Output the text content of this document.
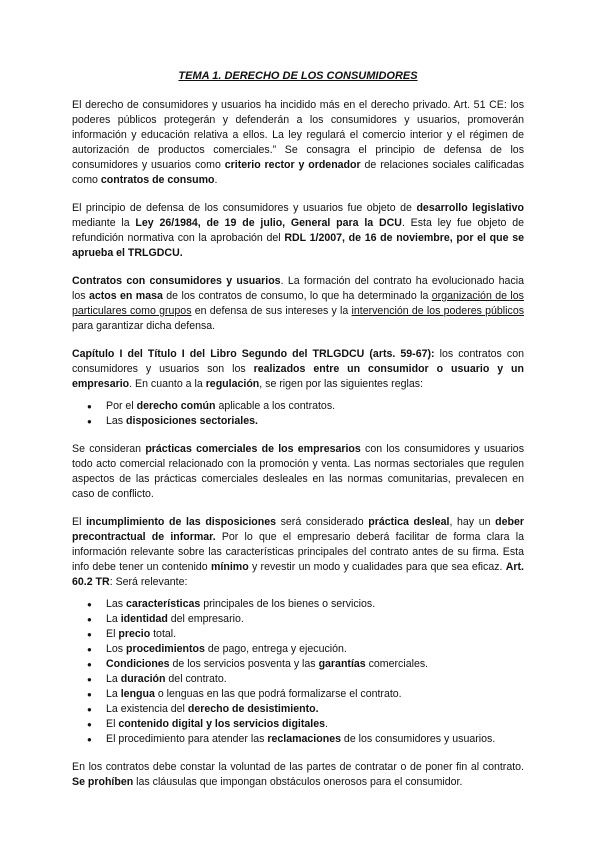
TEMA 1. DERECHO DE LOS CONSUMIDORES

El derecho de consumidores y usuarios ha incidido más en el derecho privado. Art. 51 CE: los poderes públicos protegerán y defenderán a los consumidores y usuarios, promoverán información y educación relativa a ellos. La ley regulará el comercio interior y el régimen de autorización de productos comerciales.” Se consagra el principio de defensa de los consumidores y usuarios como criterio rector y ordenador de relaciones sociales calificadas como contratos de consumo.

El principio de defensa de los consumidores y usuarios fue objeto de desarrollo legislativo mediante la Ley 26/1984, de 19 de julio, General para la DCU. Esta ley fue objeto de refundición normativa con la aprobación del RDL 1/2007, de 16 de noviembre, por el que se aprueba el TRLGDCU.

Contratos con consumidores y usuarios. La formación del contrato ha evolucionado hacia los actos en masa de los contratos de consumo, lo que ha determinado la organización de los particulares como grupos en defensa de sus intereses y la intervención de los poderes públicos para garantizar dicha defensa.

Capítulo I del Título I del Libro Segundo del TRLGDCU (arts. 59-67): los contratos con consumidores y usuarios son los realizados entre un consumidor o usuario y un empresario. En cuanto a la regulación, se rigen por las siguientes reglas:

● Por el derecho común aplicable a los contratos.
● Las disposiciones sectoriales.

Se consideran prácticas comerciales de los empresarios con los consumidores y usuarios todo acto comercial relacionado con la promoción y venta. Las normas sectoriales que regulen aspectos de las prácticas comerciales desleales en las normas comunitarias, prevalecen en caso de conflicto.

El incumplimiento de las disposiciones será considerado práctica desleal, hay un deber precontractual de informar. Por lo que el empresario deberá facilitar de forma clara la información relevante sobre las características principales del contrato antes de su firma. Esta info debe tener un contenido mínimo y revestir un modo y cualidades para que sea eficaz. Art. 60.2 TR: Será relevante:

● Las características principales de los bienes o servicios.
● La identidad del empresario.
● El precio total.
● Los procedimientos de pago, entrega y ejecución.
● Condiciones de los servicios posventa y las garantías comerciales.
● La duración del contrato.
● La lengua o lenguas en las que podrá formalizarse el contrato.
● La existencia del derecho de desistimiento.
● El contenido digital y los servicios digitales.
● El procedimiento para atender las reclamaciones de los consumidores y usuarios.

En los contratos debe constar la voluntad de las partes de contratar o de poner fin al contrato. Se prohíben las cláusulas que impongan obstáculos onerosos para el consumidor.
